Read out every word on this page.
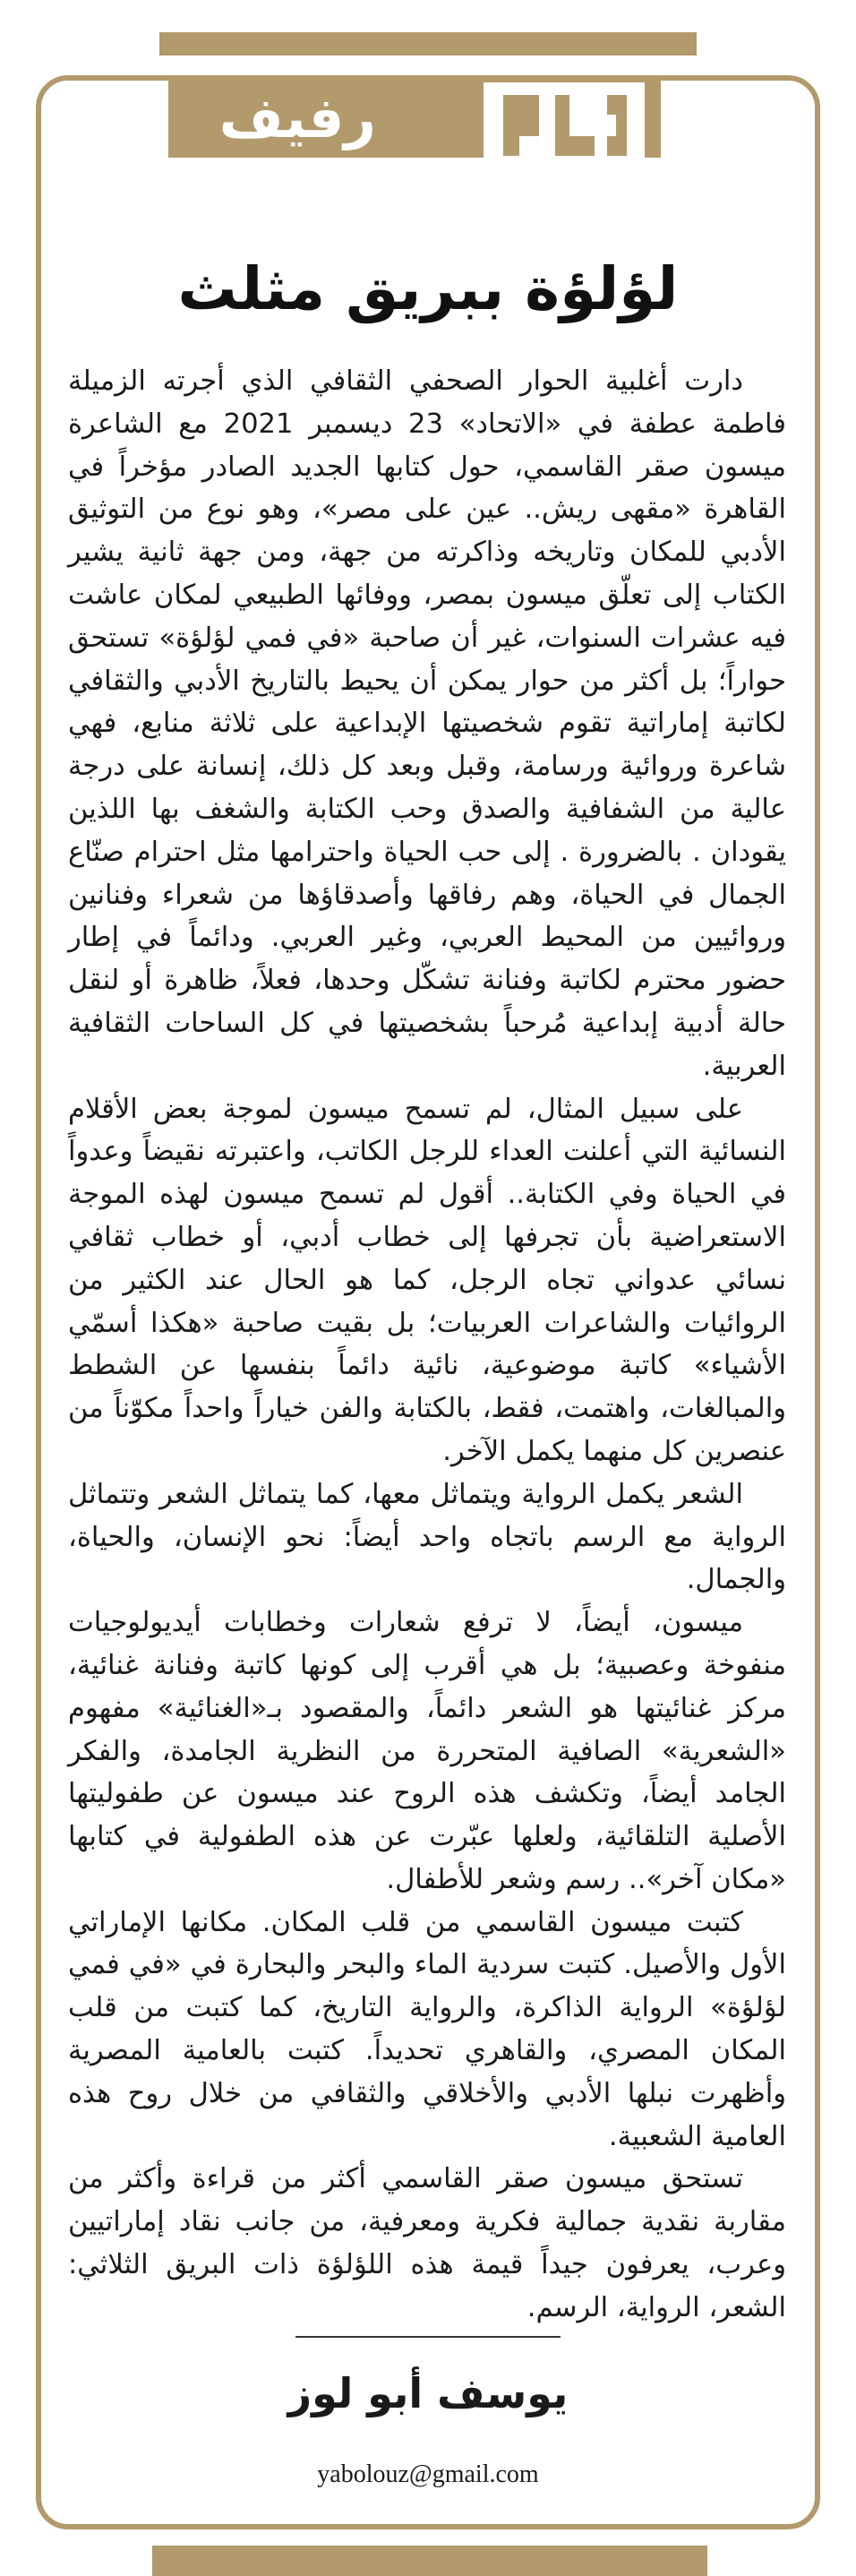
رفيف
لؤلؤة ببريق مثلث

دارت أغلبية الحوار الصحفي الثقافي الذي أجرته الزميلة فاطمة عطفة في «الاتحاد» 23 ديسمبر 2021 مع الشاعرة ميسون صقر القاسمي، حول كتابها الجديد الصادر مؤخراً في القاهرة «مقهى ريش.. عين على مصر»، وهو نوع من التوثيق الأدبي للمكان وتاريخه وذاكرته من جهة، ومن جهة ثانية يشير الكتاب إلى تعلّق ميسون بمصر، ووفائها الطبيعي لمكان عاشت فيه عشرات السنوات، غير أن صاحبة «في فمي لؤلؤة» تستحق حواراً؛ بل أكثر من حوار يمكن أن يحيط بالتاريخ الأدبي والثقافي لكاتبة إماراتية تقوم شخصيتها الإبداعية على ثلاثة منابع، فهي شاعرة وروائية ورسامة، وقبل وبعد كل ذلك، إنسانة على درجة عالية من الشفافية والصدق وحب الكتابة والشغف بها اللذين يقودان . بالضرورة . إلى حب الحياة واحترامها مثل احترام صنّاع الجمال في الحياة، وهم رفاقها وأصدقاؤها من شعراء وفنانين وروائيين من المحيط العربي، وغير العربي. ودائماً في إطار حضور محترم لكاتبة وفنانة تشكّل وحدها، فعلاً، ظاهرة أو لنقل حالة أدبية إبداعية مُرحباً بشخصيتها في كل الساحات الثقافية العربية.

على سبيل المثال، لم تسمح ميسون لموجة بعض الأقلام النسائية التي أعلنت العداء للرجل الكاتب، واعتبرته نقيضاً وعدواً في الحياة وفي الكتابة.. أقول لم تسمح ميسون لهذه الموجة الاستعراضية بأن تجرفها إلى خطاب أدبي، أو خطاب ثقافي نسائي عدواني تجاه الرجل، كما هو الحال عند الكثير من الروائيات والشاعرات العربيات؛ بل بقيت صاحبة «هكذا أسمّي الأشياء» كاتبة موضوعية، نائية دائماً بنفسها عن الشطط والمبالغات، واهتمت، فقط، بالكتابة والفن خياراً واحداً مكوّناً من عنصرين كل منهما يكمل الآخر.

الشعر يكمل الرواية ويتماثل معها، كما يتماثل الشعر وتتماثل الرواية مع الرسم باتجاه واحد أيضاً: نحو الإنسان، والحياة، والجمال.

ميسون، أيضاً، لا ترفع شعارات وخطابات أيديولوجيات منفوخة وعصبية؛ بل هي أقرب إلى كونها كاتبة وفنانة غنائية، مركز غنائيتها هو الشعر دائماً، والمقصود بـ«الغنائية» مفهوم «الشعرية» الصافية المتحررة من النظرية الجامدة، والفكر الجامد أيضاً، وتكشف هذه الروح عند ميسون عن طفوليتها الأصلية التلقائية، ولعلها عبّرت عن هذه الطفولية في كتابها «مكان آخر».. رسم وشعر للأطفال.

كتبت ميسون القاسمي من قلب المكان. مكانها الإماراتي الأول والأصيل. كتبت سردية الماء والبحر والبحارة في «في فمي لؤلؤة» الرواية الذاكرة، والرواية التاريخ، كما كتبت من قلب المكان المصري، والقاهري تحديداً. كتبت بالعامية المصرية وأظهرت نبلها الأدبي والأخلاقي والثقافي من خلال روح هذه العامية الشعبية.

تستحق ميسون صقر القاسمي أكثر من قراءة وأكثر من مقاربة نقدية جمالية فكرية ومعرفية، من جانب نقاد إماراتيين وعرب، يعرفون جيداً قيمة هذه اللؤلؤة ذات البريق الثلاثي: الشعر، الرواية، الرسم.

يوسف أبو لوز
yabolouz@gmail.com
